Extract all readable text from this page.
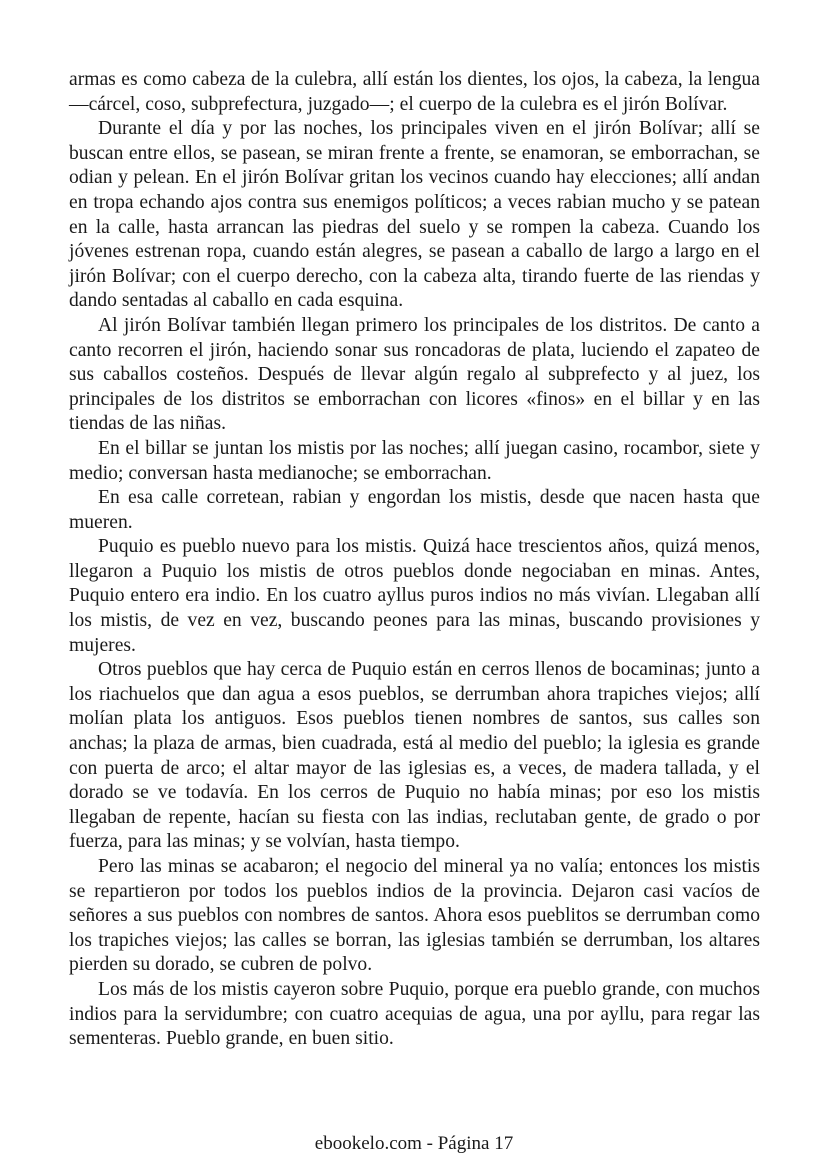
armas es como cabeza de la culebra, allí están los dientes, los ojos, la cabeza, la lengua —cárcel, coso, subprefectura, juzgado—; el cuerpo de la culebra es el jirón Bolívar.

Durante el día y por las noches, los principales viven en el jirón Bolívar; allí se buscan entre ellos, se pasean, se miran frente a frente, se enamoran, se emborrachan, se odian y pelean. En el jirón Bolívar gritan los vecinos cuando hay elecciones; allí andan en tropa echando ajos contra sus enemigos políticos; a veces rabian mucho y se patean en la calle, hasta arrancan las piedras del suelo y se rompen la cabeza. Cuando los jóvenes estrenan ropa, cuando están alegres, se pasean a caballo de largo a largo en el jirón Bolívar; con el cuerpo derecho, con la cabeza alta, tirando fuerte de las riendas y dando sentadas al caballo en cada esquina.

Al jirón Bolívar también llegan primero los principales de los distritos. De canto a canto recorren el jirón, haciendo sonar sus roncadoras de plata, luciendo el zapateo de sus caballos costeños. Después de llevar algún regalo al subprefecto y al juez, los principales de los distritos se emborrachan con licores «finos» en el billar y en las tiendas de las niñas.

En el billar se juntan los mistis por las noches; allí juegan casino, rocambor, siete y medio; conversan hasta medianoche; se emborrachan.

En esa calle corretean, rabian y engordan los mistis, desde que nacen hasta que mueren.

Puquio es pueblo nuevo para los mistis. Quizá hace trescientos años, quizá menos, llegaron a Puquio los mistis de otros pueblos donde negociaban en minas. Antes, Puquio entero era indio. En los cuatro ayllus puros indios no más vivían. Llegaban allí los mistis, de vez en vez, buscando peones para las minas, buscando provisiones y mujeres.

Otros pueblos que hay cerca de Puquio están en cerros llenos de bocaminas; junto a los riachuelos que dan agua a esos pueblos, se derrumban ahora trapiches viejos; allí molían plata los antiguos. Esos pueblos tienen nombres de santos, sus calles son anchas; la plaza de armas, bien cuadrada, está al medio del pueblo; la iglesia es grande con puerta de arco; el altar mayor de las iglesias es, a veces, de madera tallada, y el dorado se ve todavía. En los cerros de Puquio no había minas; por eso los mistis llegaban de repente, hacían su fiesta con las indias, reclutaban gente, de grado o por fuerza, para las minas; y se volvían, hasta tiempo.

Pero las minas se acabaron; el negocio del mineral ya no valía; entonces los mistis se repartieron por todos los pueblos indios de la provincia. Dejaron casi vacíos de señores a sus pueblos con nombres de santos. Ahora esos pueblitos se derrumban como los trapiches viejos; las calles se borran, las iglesias también se derrumban, los altares pierden su dorado, se cubren de polvo.

Los más de los mistis cayeron sobre Puquio, porque era pueblo grande, con muchos indios para la servidumbre; con cuatro acequias de agua, una por ayllu, para regar las sementeras. Pueblo grande, en buen sitio.

ebookelo.com - Página 17
